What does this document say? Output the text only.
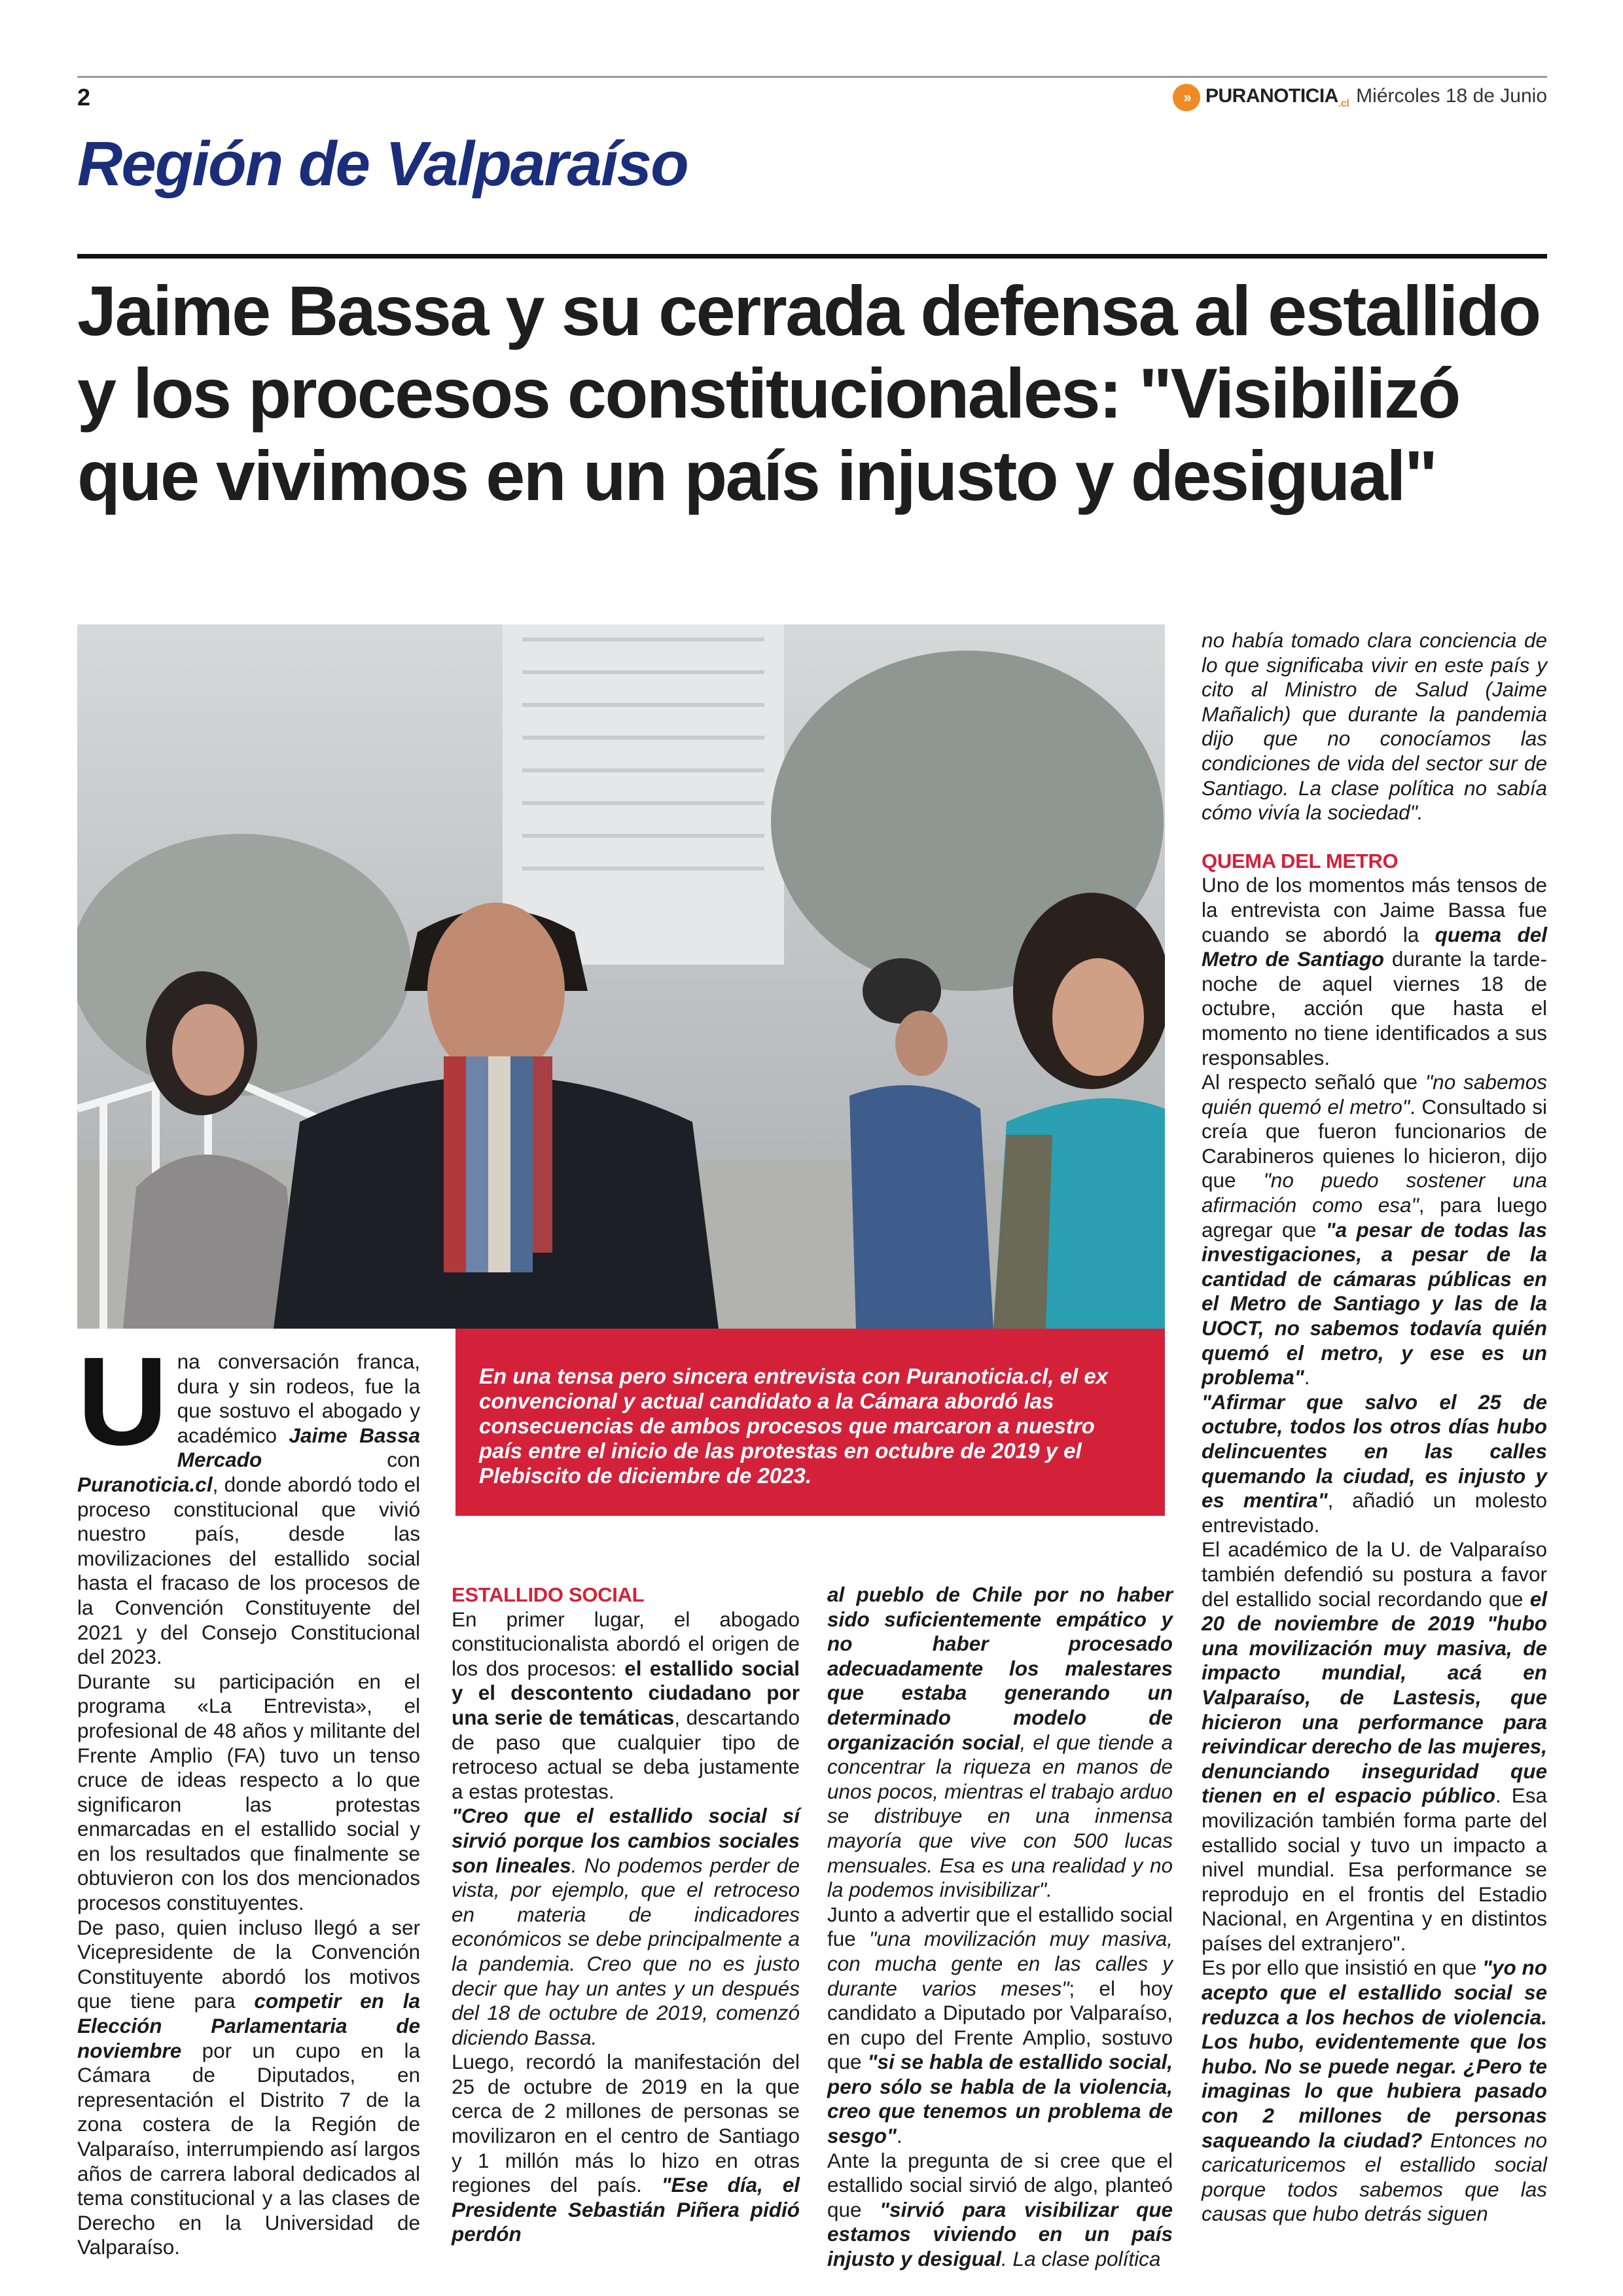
2	» $PURANOTICIA_{.cl}$ Miércoles 18 de Junio
Región de Valparaíso
Jaime Bassa y su cerrada defensa al estallido y los procesos constitucionales: "Visibilizó que vivimos en un país injusto y desigual"
En una tensa pero sincera entrevista con Puranoticia.cl, el ex convencional y actual candidato a la Cámara abordó las consecuencias de ambos procesos que marcaron a nuestro país entre el inicio de las protestas en octubre de 2019 y el Plebiscito de diciembre de 2023.

Una conversación franca, dura y sin rodeos, fue la que sostuvo el abogado y académico Jaime Bassa Mercado con Puranoticia.cl, donde abordó todo el proceso constitucional que vivió nuestro país, desde las movilizaciones del estallido social hasta el fracaso de los procesos de la Convención Constituyente del 2021 y del Consejo Constitucional del 2023.

Durante su participación en el programa «La Entrevista», el profesional de 48 años y militante del Frente Amplio (FA) tuvo un tenso cruce de ideas respecto a lo que significaron las protestas enmarcadas en el estallido social y en los resultados que finalmente se obtuvieron con los dos mencionados procesos constituyentes.

De paso, quien incluso llegó a ser Vicepresidente de la Convención Constituyente abordó los motivos que tiene para competir en la Elección Parlamentaria de noviembre por un cupo en la Cámara de Diputados, en representación el Distrito 7 de la zona costera de la Región de Valparaíso, interrumpiendo así largos años de carrera laboral dedicados al tema constitucional y a las clases de Derecho en la Universidad de Valparaíso.

ESTALLIDO SOCIAL

En primer lugar, el abogado constitucionalista abordó el origen de los dos procesos: el estallido social y el descontento ciudadano por una serie de temáticas, descartando de paso que cualquier tipo de retroceso actual se deba justamente a estas protestas.

"Creo que el estallido social sí sirvió porque los cambios sociales son lineales. No podemos perder de vista, por ejemplo, que el retroceso en materia de indicadores económicos se debe principalmente a la pandemia. Creo que no es justo decir que hay un antes y un después del 18 de octubre de 2019, comenzó diciendo Bassa.

Luego, recordó la manifestación del 25 de octubre de 2019 en la que cerca de 2 millones de personas se movilizaron en el centro de Santiago y 1 millón más lo hizo en otras regiones del país. "Ese día, el Presidente Sebastián Piñera pidió perdón

al pueblo de Chile por no haber sido suficientemente empático y no haber procesado adecuadamente los malestares que estaba generando un determinado modelo de organización social, el que tiende a concentrar la riqueza en manos de unos pocos, mientras el trabajo arduo se distribuye en una inmensa mayoría que vive con 500 lucas mensuales. Esa es una realidad y no la podemos invisibilizar".

Junto a advertir que el estallido social fue "una movilización muy masiva, con mucha gente en las calles y durante varios meses"; el hoy candidato a Diputado por Valparaíso, en cupo del Frente Amplio, sostuvo que "si se habla de estallido social, pero sólo se habla de la violencia, creo que tenemos un problema de sesgo".

Ante la pregunta de si cree que el estallido social sirvió de algo, planteó que "sirvió para visibilizar que estamos viviendo en un país injusto y desigual. La clase política

no había tomado clara conciencia de lo que significaba vivir en este país y cito al Ministro de Salud (Jaime Mañalich) que durante la pandemia dijo que no conocíamos las condiciones de vida del sector sur de Santiago. La clase política no sabía cómo vivía la sociedad".

QUEMA DEL METRO

Uno de los momentos más tensos de la entrevista con Jaime Bassa fue cuando se abordó la quema del Metro de Santiago durante la tarde-noche de aquel viernes 18 de octubre, acción que hasta el momento no tiene identificados a sus responsables.

Al respecto señaló que "no sabemos quién quemó el metro". Consultado si creía que fueron funcionarios de Carabineros quienes lo hicieron, dijo que "no puedo sostener una afirmación como esa", para luego agregar que "a pesar de todas las investigaciones, a pesar de la cantidad de cámaras públicas en el Metro de Santiago y las de la UOCT, no sabemos todavía quién quemó el metro, y ese es un problema".

"Afirmar que salvo el 25 de octubre, todos los otros días hubo delincuentes en las calles quemando la ciudad, es injusto y es mentira", añadió un molesto entrevistado.

El académico de la U. de Valparaíso también defendió su postura a favor del estallido social recordando que el 20 de noviembre de 2019 "hubo una movilización muy masiva, de impacto mundial, acá en Valparaíso, de Lastesis, que hicieron una performance para reivindicar derecho de las mujeres, denunciando inseguridad que tienen en el espacio público. Esa movilización también forma parte del estallido social y tuvo un impacto a nivel mundial. Esa performance se reprodujo en el frontis del Estadio Nacional, en Argentina y en distintos países del extranjero".

Es por ello que insistió en que "yo no acepto que el estallido social se reduzca a los hechos de violencia. Los hubo, evidentemente que los hubo. No se puede negar. ¿Pero te imaginas lo que hubiera pasado con 2 millones de personas saqueando la ciudad? Entonces no caricaturicemos el estallido social porque todos sabemos que las causas que hubo detrás siguen
